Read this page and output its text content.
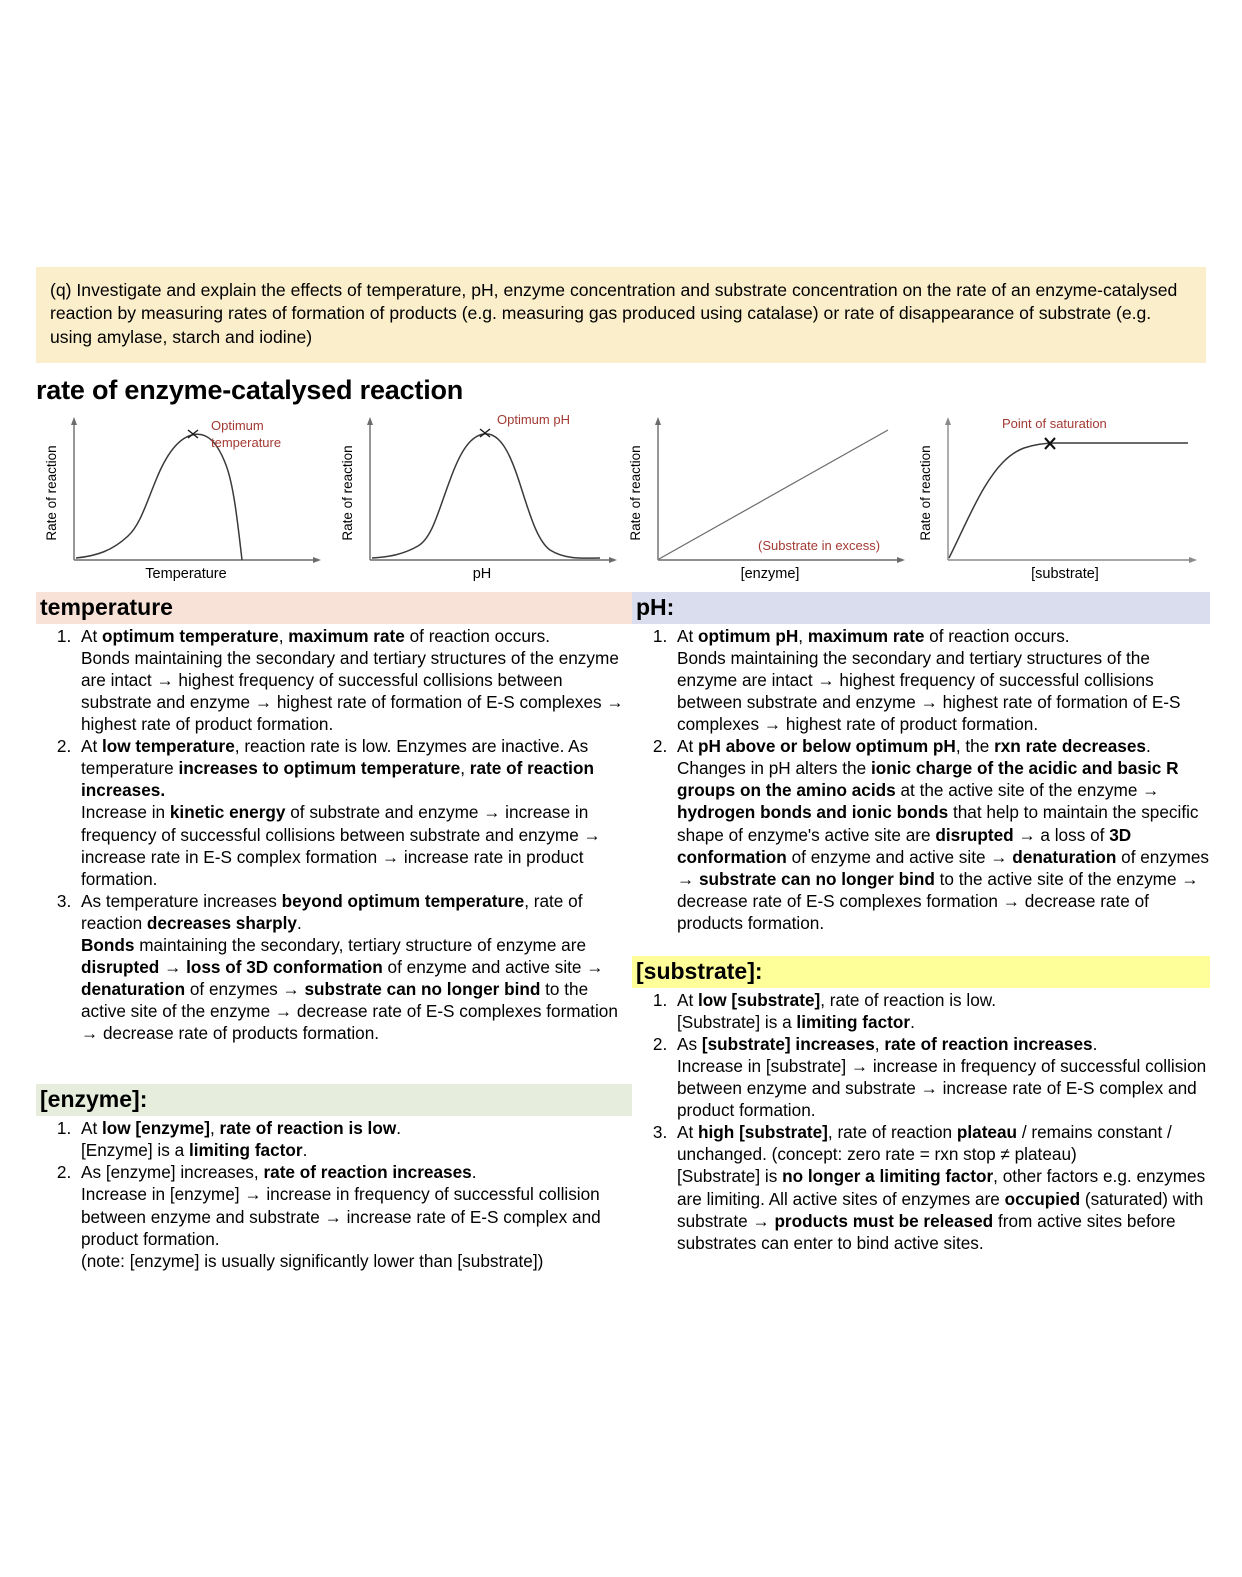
(q) Investigate and explain the effects of temperature, pH, enzyme concentration and substrate concentration on the rate of an enzyme-catalysed reaction by measuring rates of formation of products (e.g. measuring gas produced using catalase) or rate of disappearance of substrate (e.g. using amylase, starch and iodine)
rate of enzyme-catalysed reaction
Optimum
temperature
Rate of reaction
Temperature
Optimum pH
Rate of reaction
pH
(Substrate in excess)
Rate of reaction
[enzyme]
Point of saturation
Rate of reaction
[substrate]
temperature
1. At optimum temperature, maximum rate of reaction occurs.
Bonds maintaining the secondary and tertiary structures of the enzyme are intact → highest frequency of successful collisions between substrate and enzyme → highest rate of formation of E-S complexes → highest rate of product formation.
2. At low temperature, reaction rate is low. Enzymes are inactive. As temperature increases to optimum temperature, rate of reaction increases.
Increase in kinetic energy of substrate and enzyme → increase in frequency of successful collisions between substrate and enzyme → increase rate in E-S complex formation → increase rate in product formation.
3. As temperature increases beyond optimum temperature, rate of reaction decreases sharply.
Bonds maintaining the secondary, tertiary structure of enzyme are disrupted → loss of 3D conformation of enzyme and active site → denaturation of enzymes → substrate can no longer bind to the active site of the enzyme → decrease rate of E-S complexes formation → decrease rate of products formation.
[enzyme]:
1. At low [enzyme], rate of reaction is low.
[Enzyme] is a limiting factor.
2. As [enzyme] increases, rate of reaction increases.
Increase in [enzyme] → increase in frequency of successful collision between enzyme and substrate → increase rate of E-S complex and product formation.
(note: [enzyme] is usually significantly lower than [substrate])
pH:
1. At optimum pH, maximum rate of reaction occurs.
Bonds maintaining the secondary and tertiary structures of the enzyme are intact → highest frequency of successful collisions between substrate and enzyme → highest rate of formation of E-S complexes → highest rate of product formation.
2. At pH above or below optimum pH, the rxn rate decreases.
Changes in pH alters the ionic charge of the acidic and basic R groups on the amino acids at the active site of the enzyme → hydrogen bonds and ionic bonds that help to maintain the specific shape of enzyme's active site are disrupted → a loss of 3D conformation of enzyme and active site → denaturation of enzymes → substrate can no longer bind to the active site of the enzyme → decrease rate of E-S complexes formation → decrease rate of products formation.
[substrate]:
1. At low [substrate], rate of reaction is low.
[Substrate] is a limiting factor.
2. As [substrate] increases, rate of reaction increases.
Increase in [substrate] → increase in frequency of successful collision between enzyme and substrate → increase rate of E-S complex and product formation.
3. At high [substrate], rate of reaction plateau / remains constant / unchanged. (concept: zero rate = rxn stop ≠ plateau)
[Substrate] is no longer a limiting factor, other factors e.g. enzymes are limiting. All active sites of enzymes are occupied (saturated) with substrate → products must be released from active sites before substrates can enter to bind active sites.
